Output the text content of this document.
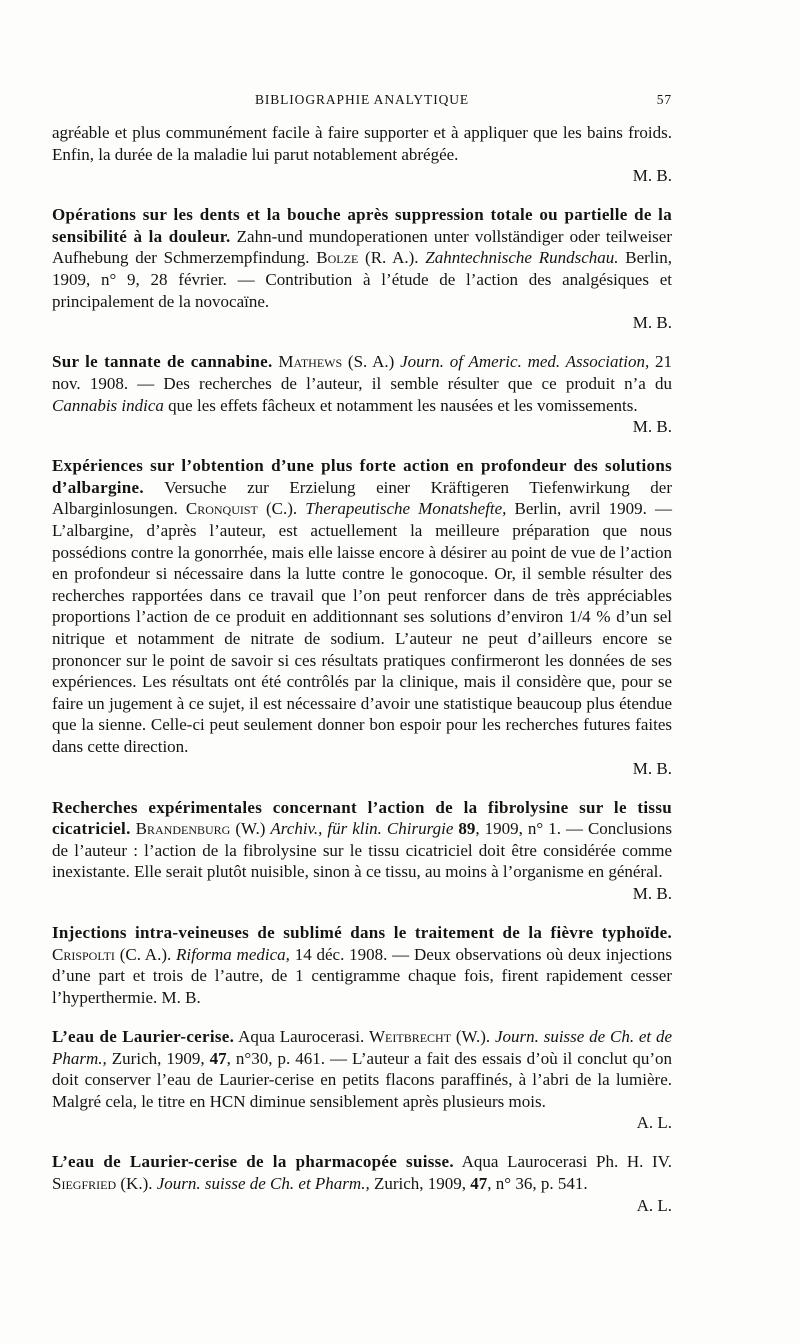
BIBLIOGRAPHIE ANALYTIQUE	57

agréable et plus communément facile à faire supporter et à appliquer que les bains froids. Enfin, la durée de la maladie lui parut notablement abrégée.

M. B.

Opérations sur les dents et la bouche après suppression totale ou partielle de la sensibilité à la douleur. Zahn-und mundoperationen unter vollständiger oder teilweiser Aufhebung der Schmerzempfindung. Bolze (R. A.). Zahntechnische Rundschau. Berlin, 1909, n° 9, 28 février. — Contribution à l’étude de l’action des analgésiques et principalement de la novocaïne.

M. B.

Sur le tannate de cannabine. Mathews (S. A.) Journ. of Americ. med. Association, 21 nov. 1908. — Des recherches de l’auteur, il semble résulter que ce produit n’a du Cannabis indica que les effets fâcheux et notamment les nausées et les vomissements.

M. B.

Expériences sur l’obtention d’une plus forte action en profondeur des solutions d’albargine. Versuche zur Erzielung einer Kräftigeren Tiefenwirkung der Albarginlosungen. Cronquist (C.). Therapeutische Monatshefte, Berlin, avril 1909. — L’albargine, d’après l’auteur, est actuellement la meilleure préparation que nous possédions contre la gonorrhée, mais elle laisse encore à désirer au point de vue de l’action en profondeur si nécessaire dans la lutte contre le gonocoque. Or, il semble résulter des recherches rapportées dans ce travail que l’on peut renforcer dans de très appréciables proportions l’action de ce produit en additionnant ses solutions d’environ 1/4 % d’un sel nitrique et notamment de nitrate de sodium. L’auteur ne peut d’ailleurs encore se prononcer sur le point de savoir si ces résultats pratiques confirmeront les données de ses expériences. Les résultats ont été contrôlés par la clinique, mais il considère que, pour se faire un jugement à ce sujet, il est nécessaire d’avoir une statistique beaucoup plus étendue que la sienne. Celle-ci peut seulement donner bon espoir pour les recherches futures faites dans cette direction.

M. B.

Recherches expérimentales concernant l’action de la fibrolysine sur le tissu cicatriciel. Brandenburg (W.) Archiv., für klin. Chirurgie 89, 1909, n° 1. — Conclusions de l’auteur : l’action de la fibrolysine sur le tissu cicatriciel doit être considérée comme inexistante. Elle serait plutôt nuisible, sinon à ce tissu, au moins à l’organisme en général.

M. B.

Injections intra-veineuses de sublimé dans le traitement de la fièvre typhoïde. Crispolti (C. A.). Riforma medica, 14 déc. 1908. — Deux observations où deux injections d’une part et trois de l’autre, de 1 centigramme chaque fois, firent rapidement cesser l’hyperthermie. M. B.

L’eau de Laurier-cerise. Aqua Laurocerasi. Weitbrecht (W.). Journ. suisse de Ch. et de Pharm., Zurich, 1909, 47, n°30, p. 461. — L’auteur a fait des essais d’où il conclut qu’on doit conserver l’eau de Laurier-cerise en petits flacons paraffinés, à l’abri de la lumière. Malgré cela, le titre en HCN diminue sensiblement après plusieurs mois.

A. L.

L’eau de Laurier-cerise de la pharmacopée suisse. Aqua Laurocerasi Ph. H. IV. Siegfried (K.). Journ. suisse de Ch. et Pharm., Zurich, 1909, 47, n° 36, p. 541.

A. L.
